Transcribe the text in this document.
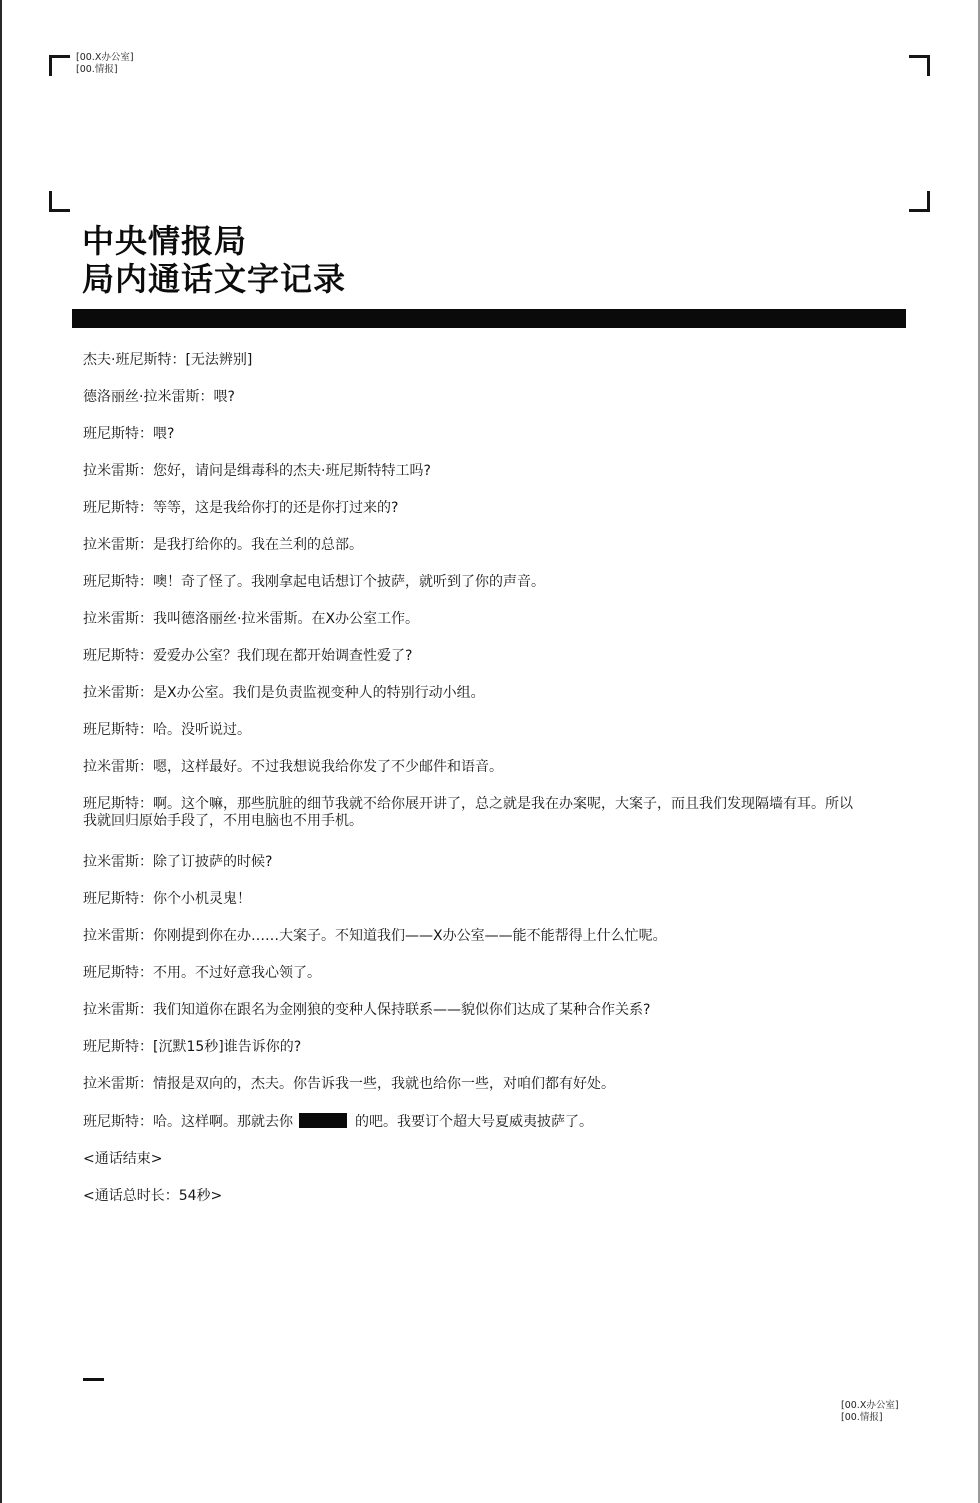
[00.X办公室]
[00.情报]
中央情报局
局内通话文字记录

杰夫·班尼斯特：[无法辨别]

德洛丽丝·拉米雷斯：喂?

班尼斯特：喂?

拉米雷斯：您好，请问是缉毒科的杰夫·班尼斯特特工吗?

班尼斯特：等等，这是我给你打的还是你打过来的?

拉米雷斯：是我打给你的。我在兰利的总部。

班尼斯特：噢！奇了怪了。我刚拿起电话想订个披萨，就听到了你的声音。

拉米雷斯：我叫德洛丽丝·拉米雷斯。在X办公室工作。

班尼斯特：爱爱办公室？我们现在都开始调查性爱了?

拉米雷斯：是X办公室。我们是负责监视变种人的特别行动小组。

班尼斯特：哈。没听说过。

拉米雷斯：嗯，这样最好。不过我想说我给你发了不少邮件和语音。

班尼斯特：啊。这个嘛，那些肮脏的细节我就不给你展开讲了，总之就是我在办案呢，大案子，而且我们发现隔墙有耳。所以我就回归原始手段了，不用电脑也不用手机。

拉米雷斯：除了订披萨的时候?

班尼斯特：你个小机灵鬼！

拉米雷斯：你刚提到你在办……大案子。不知道我们——X办公室——能不能帮得上什么忙呢。

班尼斯特：不用。不过好意我心领了。

拉米雷斯：我们知道你在跟名为金刚狼的变种人保持联系——貌似你们达成了某种合作关系?

班尼斯特：[沉默15秒]谁告诉你的?

拉米雷斯：情报是双向的，杰夫。你告诉我一些，我就也给你一些，对咱们都有好处。

班尼斯特：哈。这样啊。那就去你	的吧。我要订个超大号夏威夷披萨了。

<通话结束>

<通话总时长：54秒>

[00.X办公室]
[00.情报]
